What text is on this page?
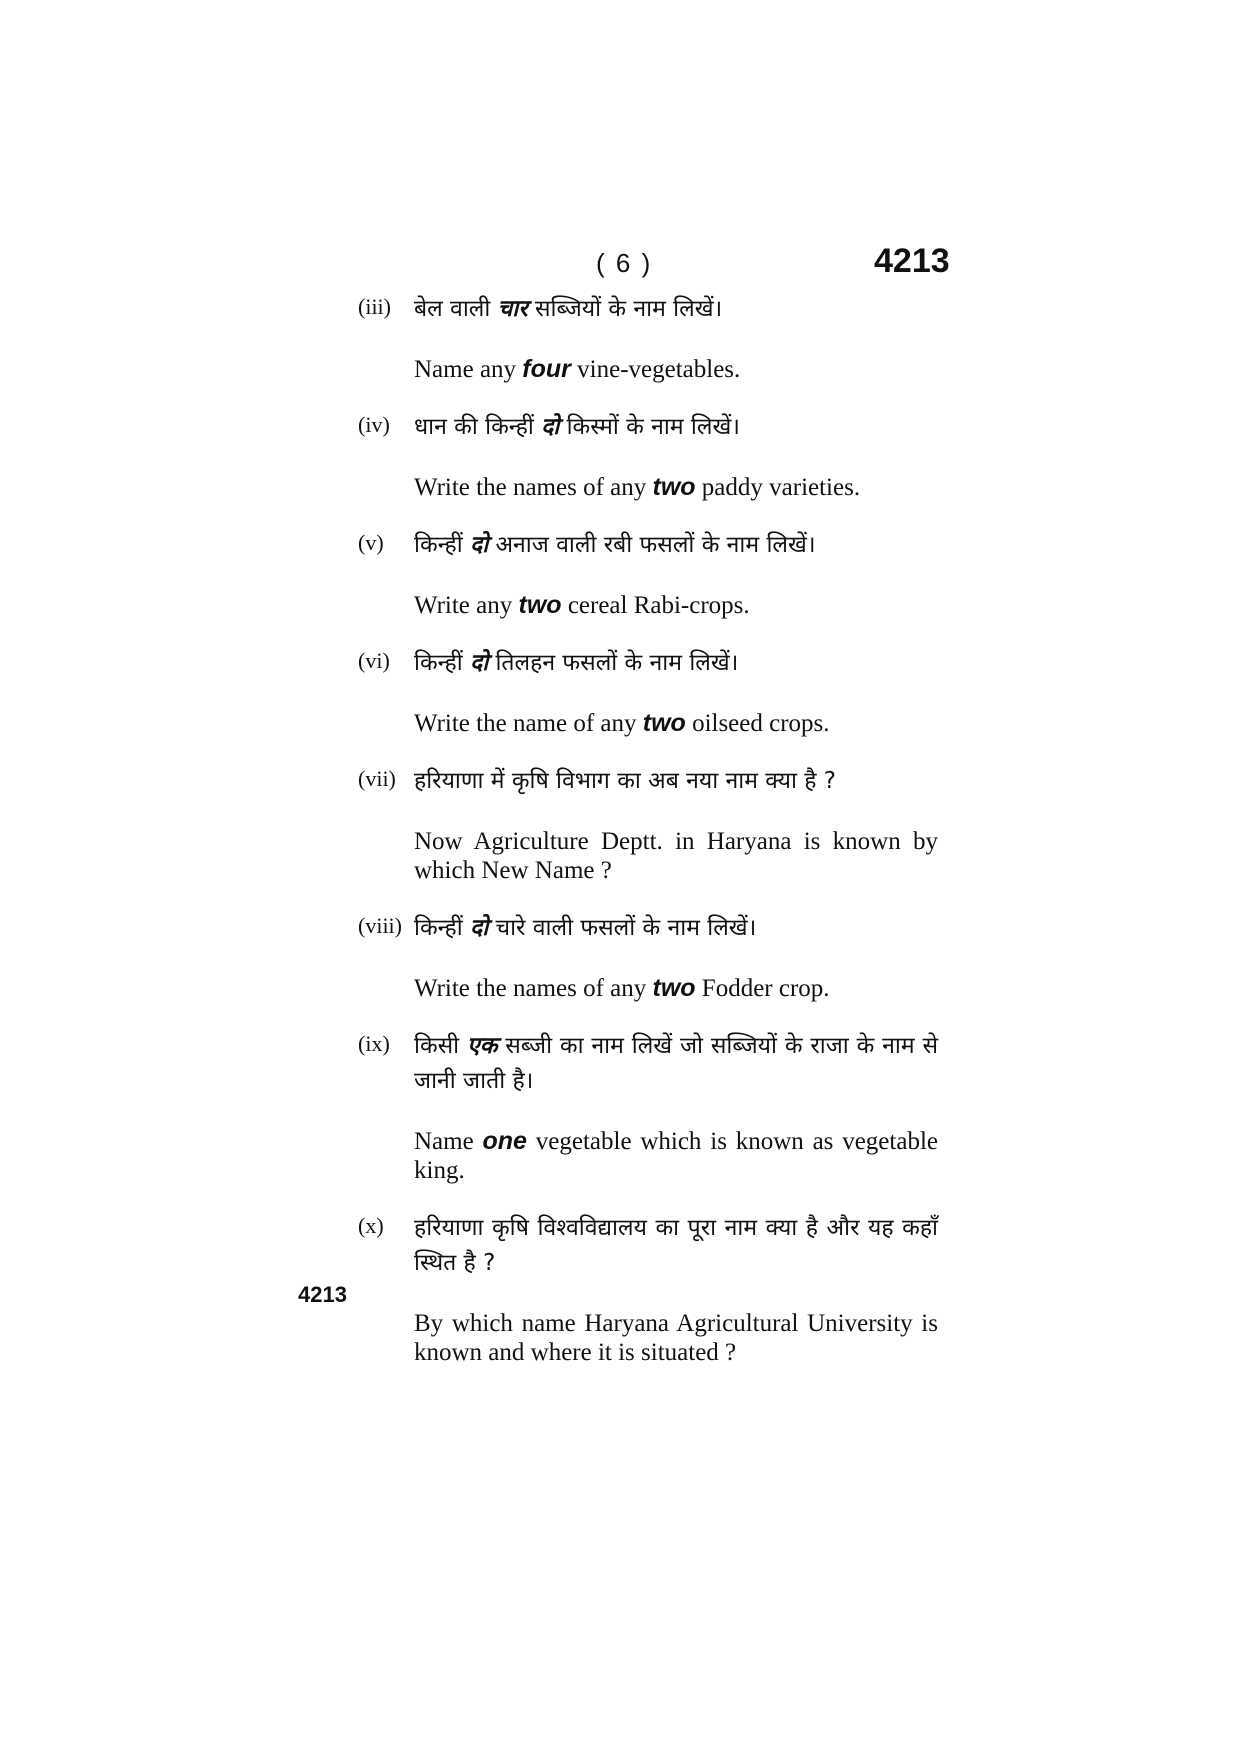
( 6 )	4213
(iii) बेल वाली चार सब्जियों के नाम लिखें।

Name any four vine-vegetables.

(iv) धान की किन्हीं दो किस्मों के नाम लिखें।

Write the names of any two paddy varieties.

(v) किन्हीं दो अनाज वाली रबी फसलों के नाम लिखें।

Write any two cereal Rabi-crops.

(vi) किन्हीं दो तिलहन फसलों के नाम लिखें।

Write the name of any two oilseed crops.

(vii) हरियाणा में कृषि विभाग का अब नया नाम क्या है ?

Now Agriculture Deptt. in Haryana is known by which New Name ?

(viii) किन्हीं दो चारे वाली फसलों के नाम लिखें।

Write the names of any two Fodder crop.

(ix) किसी एक सब्जी का नाम लिखें जो सब्जियों के राजा के नाम से जानी जाती है।

Name one vegetable which is known as vegetable king.

(x) हरियाणा कृषि विश्वविद्यालय का पूरा नाम क्या है और यह कहाँ स्थित है ?

By which name Haryana Agricultural University is known and where it is situated ?

4213
